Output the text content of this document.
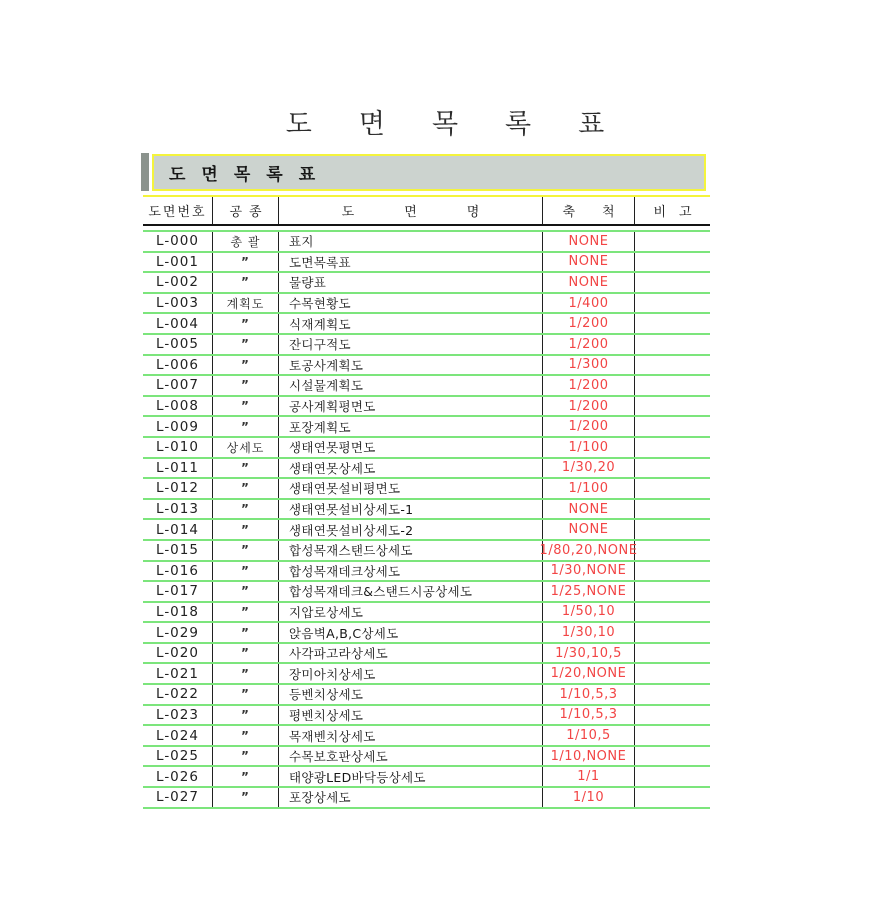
도면목록표
도면목록표
도면번호	공종	도면명	축척 비고
L-000	총 괄	표지	NONE
L-001	”	도면목록표	NONE
L-002	”	물량표	NONE
L-003	계획도	수목현황도	1/400
L-004	”	식재계획도	1/200
L-005	”	잔디구적도	1/200
L-006	”	토공사계획도	1/300
L-007	”	시설물계획도	1/200
L-008	”	공사계획평면도	1/200
L-009	”	포장계획도	1/200
L-010	상세도	생태연못평면도	1/100
L-011	”	생태연못상세도	1/30,20
L-012	”	생태연못설비평면도	1/100
L-013	”	생태연못설비상세도-1	NONE
L-014	”	생태연못설비상세도-2	NONE
L-015	”	합성목재스탠드상세도	1/80,20,NONE
L-016	”	합성목재데크상세도	1/30,NONE
L-017	”	합성목재데크&스탠드시공상세도	1/25,NONE
L-018	”	지압로상세도	1/50,10
L-029	”	앉음벽A,B,C상세도	1/30,10
L-020	”	사각파고라상세도	1/30,10,5
L-021	”	장미아치상세도	1/20,NONE
L-022	”	등벤치상세도	1/10,5,3
L-023	”	평벤치상세도	1/10,5,3
L-024	”	목재벤치상세도	1/10,5
L-025	”	수목보호판상세도	1/10,NONE
L-026	”	태양광LED바닥등상세도	1/1
L-027	”	포장상세도	1/10
